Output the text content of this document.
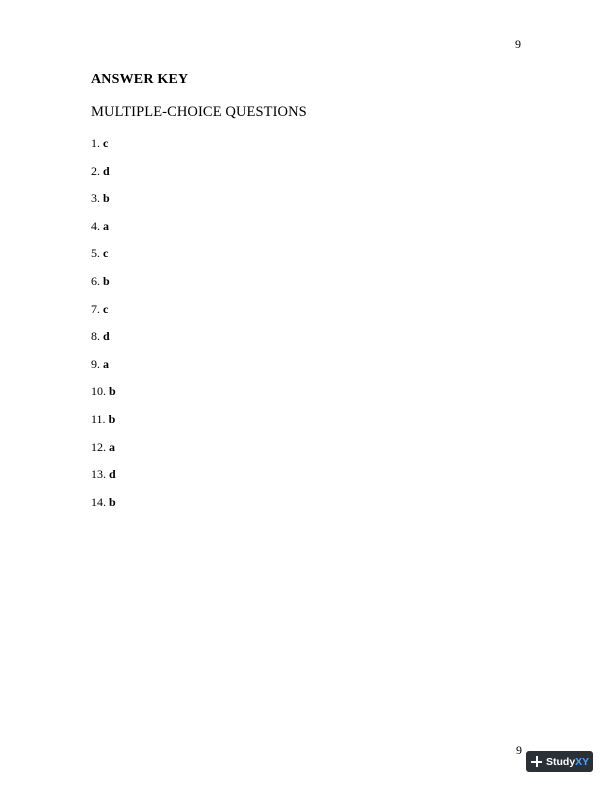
9
ANSWER KEY
MULTIPLE-CHOICE QUESTIONS
1. c
2. d
3. b
4. a
5. c
6. b
7. c
8. d
9. a
10. b
11. b
12. a
13. d
14. b
9
Study XY
